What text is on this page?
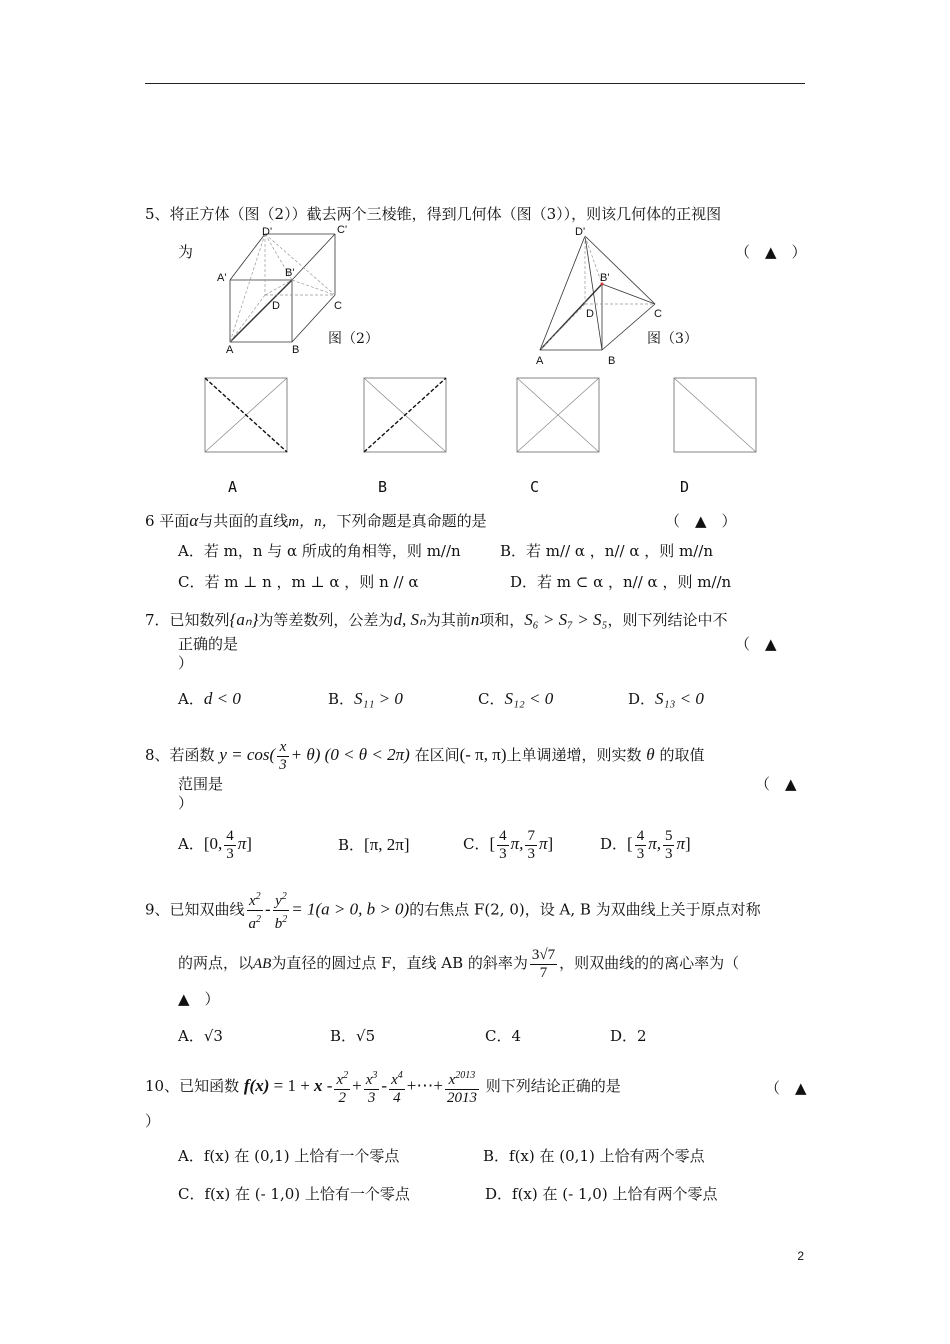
5、将正方体（图（2））截去两个三棱锥，得到几何体（图（3）），则该几何体的正视图
为	（　▲　）
D'	C'
A'	B'
D	C
A	B
图（2）
D'
B'
D	C
A	B
图（3）
A	B	C	D
6 平面α与共面的直线m，n，下列命题是真命题的是	（　▲　）
A．若 m，n 与 α 所成的角相等，则 m//n	B．若 m// α ，n// α ，则 m//n
C．若 m ⊥ n ，m ⊥ α ，则 n // α	D．若 m ⊂ α ，n// α ，则 m//n
7．已知数列{aₙ}为等差数列，公差为d, Sₙ为其前n项和，S₆ > S₇ > S₅，则下列结论中不
正确的是	（　▲
）
A．d < 0	B．S₁₁ > 0	C．S₁₂ < 0	D．S₁₃ < 0
8、若函数 $y = \cos( \frac{x}{3} + \theta)$ (0 < θ < 2π) 在区间(- π, π)上单调递增，则实数 θ 的取值
范围是	（　▲
）
A．[0, $\frac{4}{3} \pi$]	B．[π, 2π]	C．[ $\frac{4}{3} \pi$, $\frac{7}{3} \pi$]	D．[ $\frac{4}{3} \pi$, $\frac{5}{3} \pi$]
9、已知双曲线 $\frac{x^2}{a^2} - \frac{y^2}{b^2} = 1(a > 0$, b > 0)的右焦点 F(2, 0)，设 A, B 为双曲线上关于原点对称
的两点，以AB为直径的圆过点 F，直线 AB 的斜率为 $\frac{3√7}{7}$ ，则双曲线的的离心率为（
▲　）
A．√3	B．√5	C．4	D．2
10、已知函数 $f(x) = 1 + x - \frac{x^2}{2} + \frac{x^3}{3} - \frac{x^4}{4}$ +⋯+ $\frac{x^{2013}}{2013}$ 则下列结论正确的是	（　▲
）
A．f(x) 在 (0,1) 上恰有一个零点	B．f(x) 在 (0,1) 上恰有两个零点
C．f(x) 在 (- 1,0) 上恰有一个零点	D．f(x) 在 (- 1,0) 上恰有两个零点
2
